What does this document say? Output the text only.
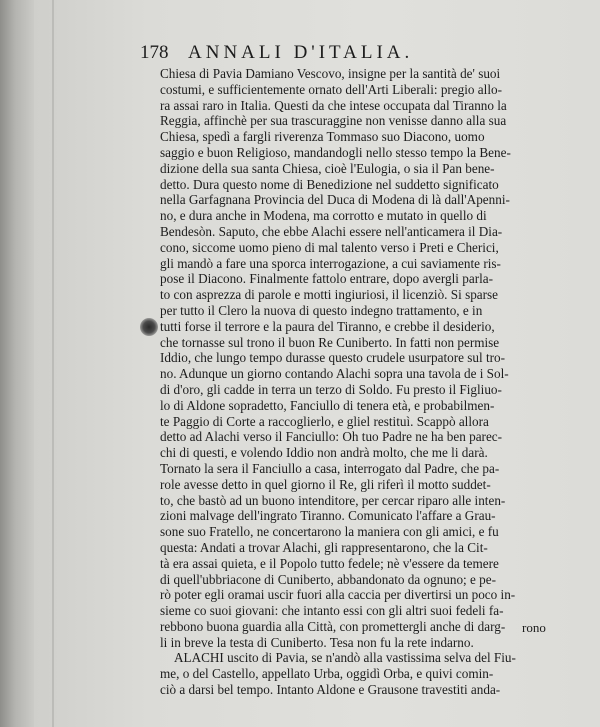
178 ANNALI D'ITALIA.
Chiesa di Pavia Damiano Vescovo, insigne per la santità de' suoi
costumi, e sufficientemente ornato dell'Arti Liberali: pregio allo-
ra assai raro in Italia. Questi da che intese occupata dal Tiranno la
Reggia, affinchè per sua trascuraggine non venisse danno alla sua
Chiesa, spedì a fargli riverenza Tommaso suo Diacono, uomo
saggio e buon Religioso, mandandogli nello stesso tempo la Bene-
dizione della sua santa Chiesa, cioè l'Eulogia, o sia il Pan bene-
detto. Dura questo nome di Benedizione nel suddetto significato
nella Garfagnana Provincia del Duca di Modena di là dall'Apenni-
no, e dura anche in Modena, ma corrotto e mutato in quello di
Bendesòn. Saputo, che ebbe Alachi essere nell'anticamera il Dia-
cono, siccome uomo pieno di mal talento verso i Preti e Cherici,
gli mandò a fare una sporca interrogazione, a cui saviamente ris-
pose il Diacono. Finalmente fattolo entrare, dopo avergli parla-
to con asprezza di parole e motti ingiuriosi, il licenziò. Si sparse
per tutto il Clero la nuova di questo indegno trattamento, e in
tutti forse il terrore e la paura del Tiranno, e crebbe il desiderio,
che tornasse sul trono il buon Re Cuniberto. In fatti non permise
Iddio, che lungo tempo durasse questo crudele usurpatore sul tro-
no. Adunque un giorno contando Alachi sopra una tavola de i Sol-
di d'oro, gli cadde in terra un terzo di Soldo. Fu presto il Figliuo-
lo di Aldone sopradetto, Fanciullo di tenera età, e probabilmen-
te Paggio di Corte a raccoglierlo, e gliel restituì. Scappò allora
detto ad Alachi verso il Fanciullo: Oh tuo Padre ne ha ben parec-
chi di questi, e volendo Iddio non andrà molto, che me li darà.
Tornato la sera il Fanciullo a casa, interrogato dal Padre, che pa-
role avesse detto in quel giorno il Re, gli riferì il motto suddet-
to, che bastò ad un buono intenditore, per cercar riparo alle inten-
zioni malvage dell'ingrato Tiranno. Comunicato l'affare a Grau-
sone suo Fratello, ne concertarono la maniera con gli amici, e fu
questa: Andati a trovar Alachi, gli rappresentarono, che la Cit-
tà era assai quieta, e il Popolo tutto fedele; nè v'essere da temere
di quell'ubbriacone di Cuniberto, abbandonato da ognuno; e pe-
rò poter egli oramai uscir fuori alla caccia per divertirsi un poco in-
sieme co suoi giovani: che intanto essi con gli altri suoi fedeli fa-
rebbono buona guardia alla Città, con promettergli anche di darg-
li in breve la testa di Cuniberto. Tesa non fu la rete indarno.
ALACHI uscito di Pavia, se n'andò alla vastissima selva del Fiu-
me, o del Castello, appellato Urba, oggidì Orba, e quivi comin-
ciò a darsi bel tempo. Intanto Aldone e Grausone travestiti anda-
rono
